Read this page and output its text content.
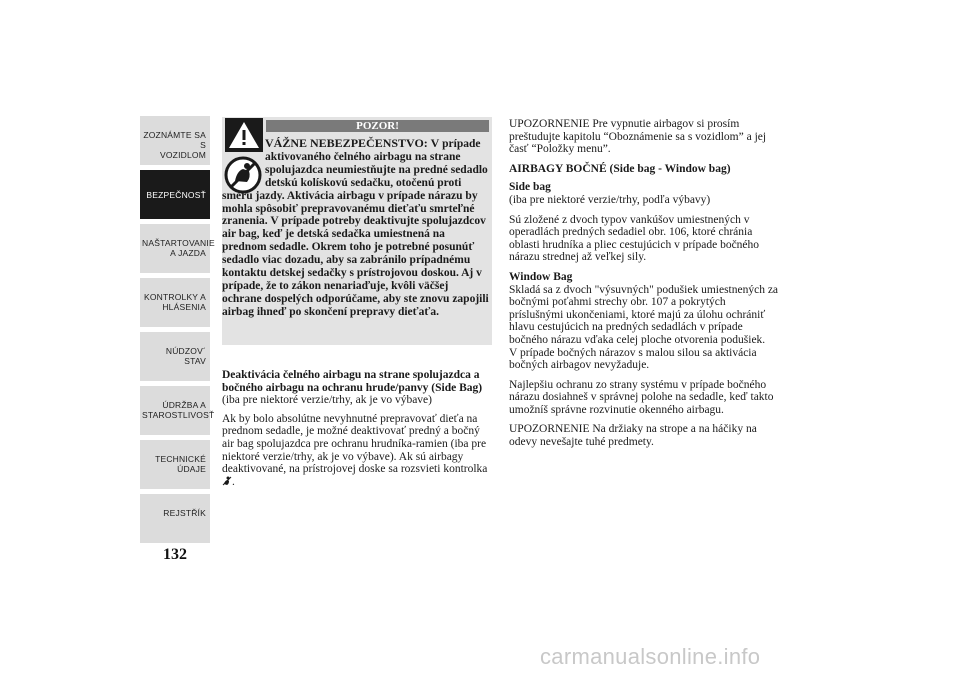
ZOZNÁMTE SA S
VOZIDLOM
BEZPEČNOSŤ
NAŠTARTOVANIE
A JAZDA
KONTROLKY A
HLÁSENIA
NÚDZOV´ STAV
ÚDRŽBA A
STAROSTLIVOSŤ
TECHNICKÉ
ÚDAJE
REJSTŘÍK
132
POZOR!
VÁŽNE NEBEZPEČENSTVO: V prípade aktivovaného čelného airbagu na strane spolujazdca neumiestňujte na predné sedadlo detskú kolískovú sedačku, otočenú proti smeru jazdy. Aktivácia airbagu v prípade nárazu by mohla spôsobiť prepravovanému dieťaťu smrteľné zranenia. V prípade potreby deaktivujte spolujazdcov air bag, keď je detská sedačka umiestnená na prednom sedadle. Okrem toho je potrebné posunúť sedadlo viac dozadu, aby sa zabránilo prípadnému kontaktu detskej sedačky s prístrojovou doskou. Aj v prípade, že to zákon nenariaďuje, kvôli väčšej ochrane dospelých odporúčame, aby ste znovu zapojili airbag ihneď po skončení prepravy dieťaťa.

Deaktivácia čelného airbagu na strane spolujazdca a bočného airbagu na ochranu hrude/panvy (Side Bag)

(iba pre niektoré verzie/trhy, ak je vo výbave)

Ak by bolo absolútne nevyhnutné prepravovať dieťa na prednom sedadle, je možné deaktivovať predný a bočný air bag spolujazdca pre ochranu hrudníka-ramien (iba pre niektoré verzie/trhy, ak je vo výbave). Ak sú airbagy deaktivované, na prístrojovej doske sa rozsvieti kontrolka .

UPOZORNENIE Pre vypnutie airbagov si prosím preštudujte kapitolu “Oboznámenie sa s vozidlom” a jej časť “Položky menu”.

AIRBAGY BOČNÉ (Side bag - Window bag)

Side bag

(iba pre niektoré verzie/trhy, podľa výbavy)

Sú zložené z dvoch typov vankúšov umiestnených v operadlách predných sedadiel obr. 106, ktoré chránia oblasti hrudníka a pliec cestujúcich v prípade bočného nárazu strednej až veľkej sily.

Window Bag

Skladá sa z dvoch "výsuvných" podušiek umiestnených za bočnými poťahmi strechy obr. 107 a pokrytých príslušnými ukončeniami, ktoré majú za úlohu ochrániť hlavu cestujúcich na predných sedadlách v prípade bočného nárazu vďaka celej ploche otvorenia podušiek.

V prípade bočných nárazov s malou silou sa aktivácia bočných airbagov nevyžaduje.

Najlepšiu ochranu zo strany systému v prípade bočného nárazu dosiahneš v správnej polohe na sedadle, keď takto umožníš správne rozvinutie okenného airbagu.

UPOZORNENIE Na držiaky na strope a na háčiky na odevy nevešajte tuhé predmety.

carmanualsonline.info
